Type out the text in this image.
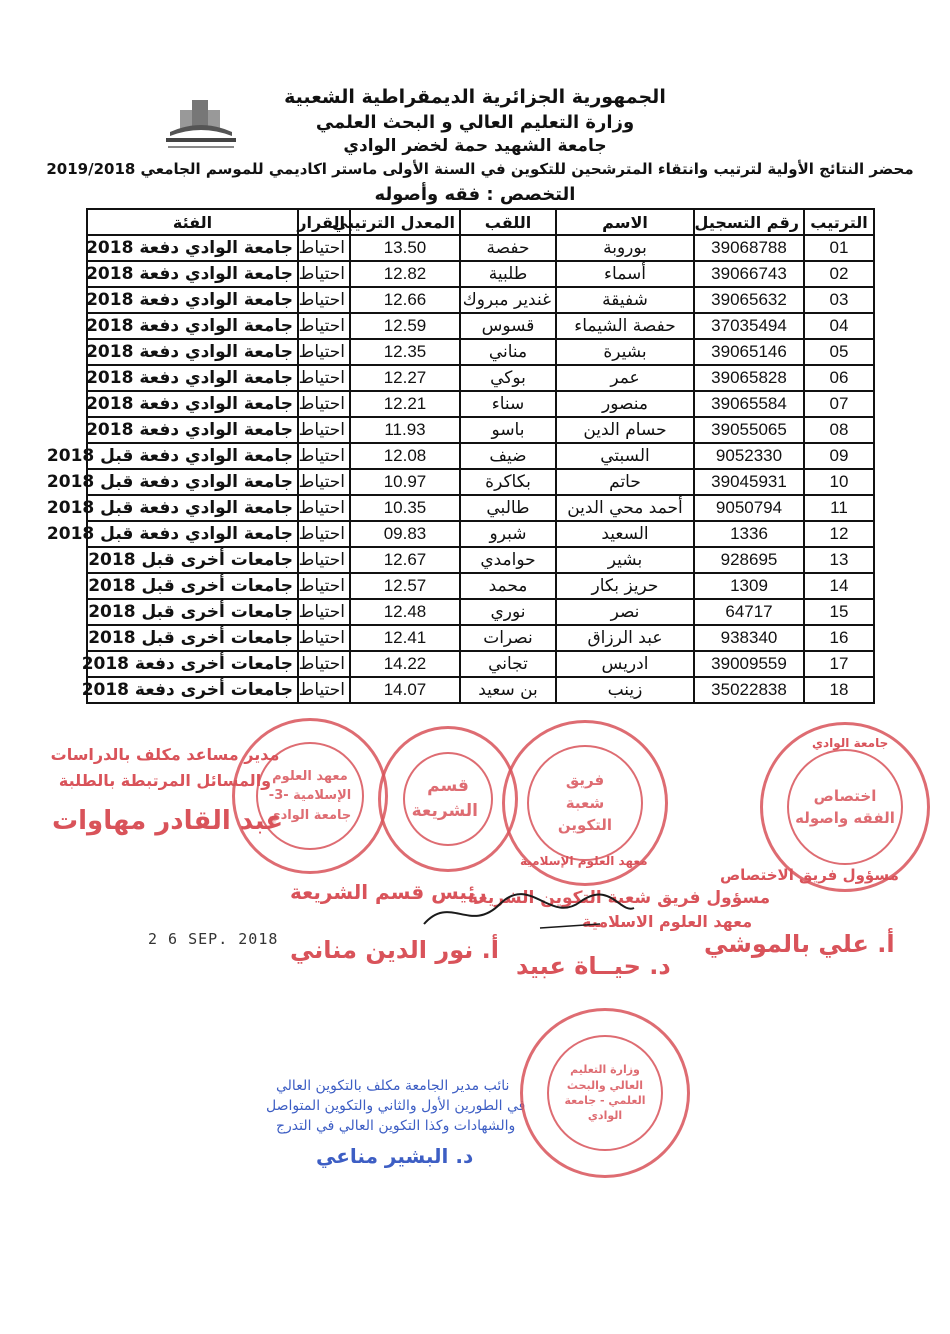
الجمهورية الجزائرية الديمقراطية الشعبية
وزارة التعليم العالي و البحث العلمي
جامعة الشهيد حمة لخضر الوادي
محضر النتائج الأولية لترتيب وانتقاء المترشحين للتكوين في السنة الأولى ماستر اكاديمي للموسم الجامعي 2019/2018
التخصص : فقه وأصوله
الترتيب	رقم التسجيل	الاسم	اللقب	المعدل الترتيبي	القرار	الفئة
01	39068788	بوروبة	حفصة	13.50	احتياط	جامعة الوادي دفعة 2018
02	39066743	أسماء	طلبية	12.82	احتياط	جامعة الوادي دفعة 2018
03	39065632	شفيقة	غندير مبروك	12.66	احتياط	جامعة الوادي دفعة 2018
04	37035494	حفصة الشيماء	قسوس	12.59	احتياط	جامعة الوادي دفعة 2018
05	39065146	بشيرة	مناني	12.35	احتياط	جامعة الوادي دفعة 2018
06	39065828	عمر	بوكي	12.27	احتياط	جامعة الوادي دفعة 2018
07	39065584	منصور	سناء	12.21	احتياط	جامعة الوادي دفعة 2018
08	39055065	حسام الدين	باسو	11.93	احتياط	جامعة الوادي دفعة 2018
09	9052330	السبتي	ضيف	12.08	احتياط	جامعة الوادي دفعة قبل 2018
10	39045931	حاتم	بكاكرة	10.97	احتياط	جامعة الوادي دفعة قبل 2018
11	9050794	أحمد محي الدين	طالبي	10.35	احتياط	جامعة الوادي دفعة قبل 2018
12	1336	السعيد	شبرو	09.83	احتياط	جامعة الوادي دفعة قبل 2018
13	928695	بشير	حوامدي	12.67	احتياط	جامعات أخرى قبل 2018
14	1309	حريز بكار	محمد	12.57	احتياط	جامعات أخرى قبل 2018
15	64717	نصر	نوري	12.48	احتياط	جامعات أخرى قبل 2018
16	938340	عبد الرزاق	نصرات	12.41	احتياط	جامعات أخرى قبل 2018
17	39009559	ادريس	تجاني	14.22	احتياط	جامعات أخرى دفعة 2018
18	35022838	زينب	بن سعيد	14.07	احتياط	جامعات أخرى دفعة 2018
مدير مساعد مكلف بالدراسات والمسائل المرتبطة بالطلبة
عبد القادر مهاوات
معهد العلوم الإسلامية -3- جامعة الوادي
قسم الشريعة
فريق شعبة التكوين
معهد العلوم الإسلامية
اختصاص
الفقه واصوله
جامعة الوادي
مسؤول فريق الاختصاص
رئيس قسم الشريعة
مسؤول فريق شعبة التكوين الشريعة
معهد العلوم الاسلامية
2 6 SEP. 2018 أ. نور الدين مناني
د. حيــاة عبيد
أ. علي بالموشي
نائب مدير الجامعة مكلف بالتكوين العالي
في الطورين الأول والثاني والتكوين المتواصل
والشهادات وكذا التكوين العالي في التدرج
د. البشير مناعي
وزارة التعليم العالي والبحث العلمي - جامعة الوادي
